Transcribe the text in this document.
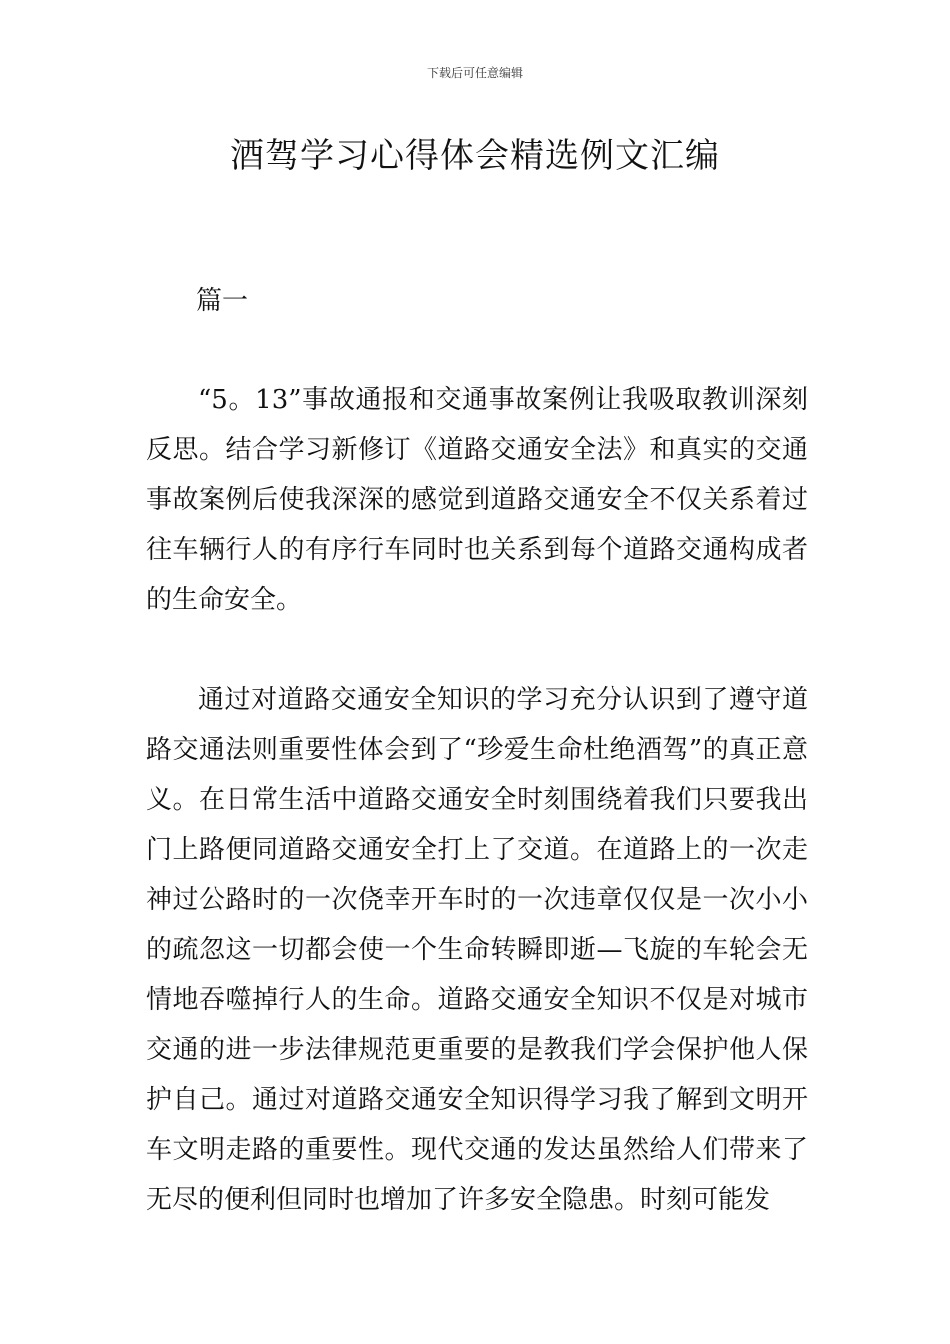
下载后可任意编辑
酒驾学习心得体会精选例文汇编
篇一

“5。13”事故通报和交通事故案例让我吸取教训深刻反思。结合学习新修订《道路交通安全法》和真实的交通事故案例后使我深深的感觉到道路交通安全不仅关系着过往车辆行人的有序行车同时也关系到每个道路交通构成者的生命安全。

通过对道路交通安全知识的学习充分认识到了遵守道路交通法则重要性体会到了“珍爱生命杜绝酒驾”的真正意义。在日常生活中道路交通安全时刻围绕着我们只要我出门上路便同道路交通安全打上了交道。在道路上的一次走神过公路时的一次侥幸开车时的一次违章仅仅是一次小小的疏忽这一切都会使一个生命转瞬即逝—飞旋的车轮会无情地吞噬掉行人的生命。道路交通安全知识不仅是对城市交通的进一步法律规范更重要的是教我们学会保护他人保护自己。通过对道路交通安全知识得学习我了解到文明开车文明走路的重要性。现代交通的发达虽然给人们带来了无尽的便利但同时也增加了许多安全隐患。时刻可能发
